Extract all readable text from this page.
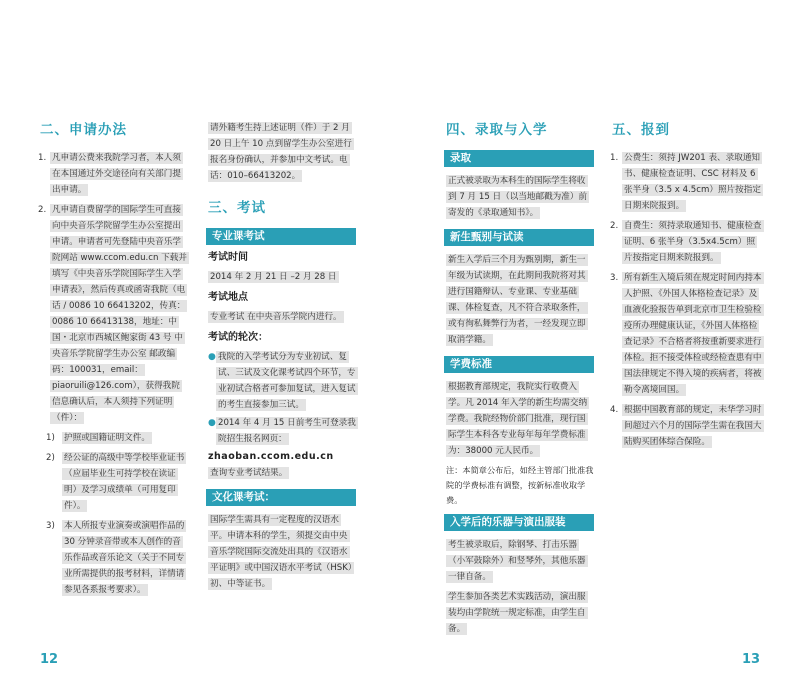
二、申请办法
1. 凡申请公费来我院学习者，本人须在本国通过外交途径向有关部门提出申请。
2. 凡申请自费留学的国际学生可直接向中央音乐学院留学生办公室提出申请。申请者可先登陆中央音乐学院网站 www.ccom.edu.cn 下载并填写《中央音乐学院国际学生入学申请表》，然后传真或函寄我院（电话 / 0086 10 66413202，传真：0086 10 66413138，地址：中国・北京市西城区鲍家街 43 号 中央音乐学院留学生办公室 邮政编码：100031，email：piaoruili@126.com），获得我院信息确认后，本人须持下列证明（件）：
1)	护照或国籍证明文件。
2)	经公证的高级中等学校毕业证书（应届毕业生可持学校在读证明）及学习成绩单（可用复印件）。
3)	本人所报专业演奏或演唱作品的 30 分钟录音带或本人创作的音乐作品或音乐论文（关于不同专业所需提供的报考材料，详情请参见各系报考要求）。
请外籍考生持上述证明（件）于 2 月 20 日上午 10 点到留学生办公室进行报名身份确认，并参加中文考试。电话：010–66413202。
三、考试
专业课考试
考试时间
2014 年 2 月 21 日 –2 月 28 日
考试地点
专业考试 在中央音乐学院内进行。
考试的轮次：
● 我院的入学考试分为专业初试、复试、三试及文化课考试四个环节，专业初试合格者可参加复试，进入复试的考生直接参加三试。
● 2014 年 4 月 15 日前考生可登录我院招生报名网页：
zhaoban.ccom.edu.cn
查询专业考试结果。
文化课考试：
国际学生需具有一定程度的汉语水平。申请本科的学生，须提交由中央音乐学院国际交流处出具的《汉语水平证明》或中国汉语水平考试（HSK）初、中等证书。
四、录取与入学
录取
正式被录取为本科生的国际学生将收到 7 月 15 日（以当地邮戳为准）前寄发的《录取通知书》。
新生甄别与试读
新生入学后三个月为甄别期，新生一年级为试读期，在此期间我院将对其进行国籍辩认、专业课、专业基础课、体检复查，凡不符合录取条件，或有徇私舞弊行为者，一经发现立即取消学籍。
学费标准
根据教育部规定，我院实行收费入学。凡 2014 年入学的新生均需交纳学费。我院经物价部门批准，现行国际学生本科各专业每年每年学费标准为：38000 元人民币。
注：本简章公布后，如经主管部门批准我院的学费标准有调整，按新标准收取学费。
入学后的乐器与演出服装
考生被录取后，除钢琴、打击乐器（小军鼓除外）和竖琴外，其他乐器一律自备。
学生参加各类艺术实践活动，演出服装均由学院统一规定标准，由学生自备。
五、报到
1. 公费生：须持 JW201 表、录取通知书、健康检查证明、CSC 材料及 6 张半身（3.5 x 4.5cm）照片按指定日期来院报到。
2. 自费生：须持录取通知书、健康检查证明、6 张半身（3.5x4.5cm）照片按指定日期来院报到。
3. 所有新生入境后须在规定时间内持本人护照、《外国人体格检查记录》及血液化验报告单到北京市卫生检验检疫所办理健康认证，《外国人体格检查记录》不合格者将按重新要求进行体检。拒不接受体检或经检查患有中国法律规定不得入境的疾病者，将被勒令离境回国。
4. 根据中国教育部的规定，未华学习时间超过六个月的国际学生需在我国大陆购买团体综合保险。
12	13
